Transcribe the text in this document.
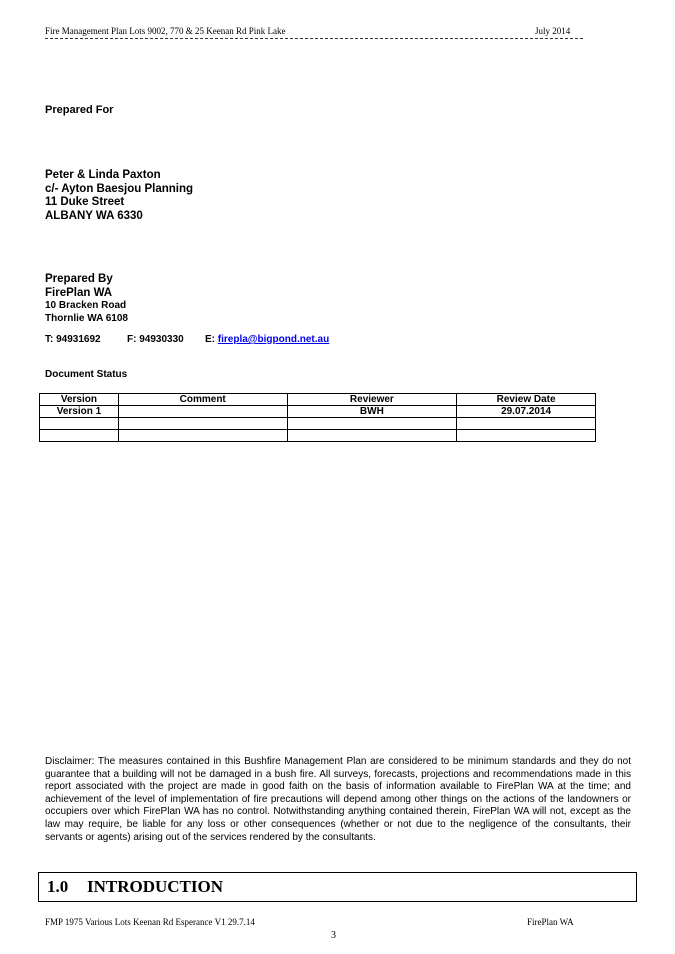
Fire Management Plan Lots 9002, 770 & 25 Keenan Rd Pink Lake	July 2014
Prepared For
Peter & Linda Paxton
c/- Ayton Baesjou Planning
11 Duke Street
ALBANY WA 6330
Prepared By
FirePlan WA
10 Bracken Road
Thornlie WA 6108
T: 94931692	F: 94930330 E: firepla@bigpond.net.au
Document Status
Version	Comment	Reviewer	Review Date
Version 1		BWH	29.07.2014

Disclaimer: The measures contained in this Bushfire Management Plan are considered to be minimum standards and they do not guarantee that a building will not be damaged in a bush fire. All surveys, forecasts, projections and recommendations made in this report associated with the project are made in good faith on the basis of information available to FirePlan WA at the time; and achievement of the level of implementation of fire precautions will depend among other things on the actions of the landowners or occupiers over which FirePlan WA has no control. Notwithstanding anything contained therein, FirePlan WA will not, except as the law may require, be liable for any loss or other consequences (whether or not due to the negligence of the consultants, their servants or agents) arising out of the services rendered by the consultants.
1.0 INTRODUCTION
FMP 1975 Various Lots Keenan Rd Esperance V1 29.7.14	FirePlan WA
3
